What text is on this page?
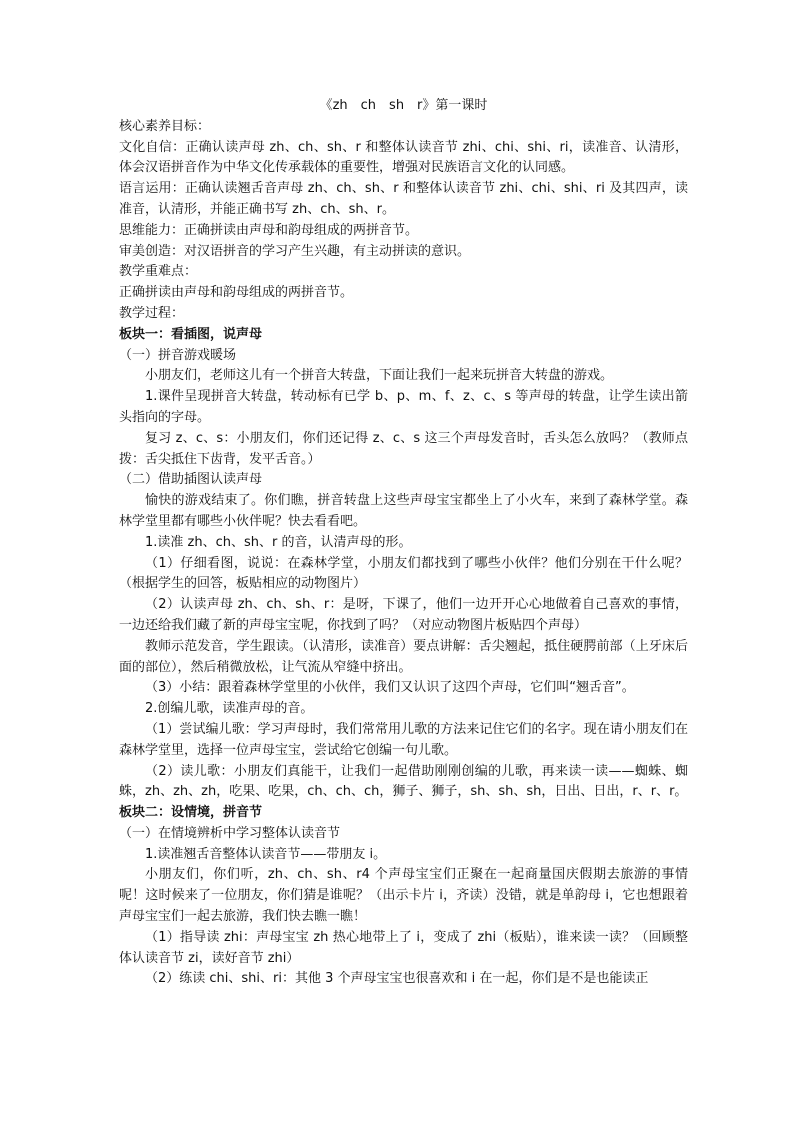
《zh　ch　sh　r》第一课时

核心素养目标：

文化自信：正确认读声母 zh、ch、sh、r 和整体认读音节 zhi、chi、shi、ri，读准音、认清形，体会汉语拼音作为中华文化传承载体的重要性，增强对民族语言文化的认同感。

语言运用：正确认读翘舌音声母 zh、ch、sh、r 和整体认读音节 zhi、chi、shi、ri 及其四声，读准音，认清形，并能正确书写 zh、ch、sh、r。

思维能力：正确拼读由声母和韵母组成的两拼音节。

审美创造：对汉语拼音的学习产生兴趣，有主动拼读的意识。

教学重难点：

正确拼读由声母和韵母组成的两拼音节。

教学过程：

板块一：看插图，说声母

（一）拼音游戏暖场

小朋友们，老师这儿有一个拼音大转盘，下面让我们一起来玩拼音大转盘的游戏。

1.课件呈现拼音大转盘，转动标有已学 b、p、m、f、z、c、s 等声母的转盘，让学生读出箭头指向的字母。

复习 z、c、s：小朋友们，你们还记得 z、c、s 这三个声母发音时，舌头怎么放吗？（教师点拨：舌尖抵住下齿背，发平舌音。）

（二）借助插图认读声母

愉快的游戏结束了。你们瞧，拼音转盘上这些声母宝宝都坐上了小火车，来到了森林学堂。森林学堂里都有哪些小伙伴呢？快去看看吧。

1.读准 zh、ch、sh、r 的音，认清声母的形。

（1）仔细看图，说说：在森林学堂，小朋友们都找到了哪些小伙伴？他们分别在干什么呢？（根据学生的回答，板贴相应的动物图片）

（2）认读声母 zh、ch、sh、r：是呀，下课了，他们一边开开心心地做着自己喜欢的事情，一边还给我们藏了新的声母宝宝呢，你找到了吗？（对应动物图片板贴四个声母）

教师示范发音，学生跟读。（认清形，读准音）要点讲解：舌尖翘起，抵住硬腭前部（上牙床后面的部位），然后稍微放松，让气流从窄缝中挤出。

（3）小结：跟着森林学堂里的小伙伴，我们又认识了这四个声母，它们叫“翘舌音”。

2.创编儿歌，读准声母的音。

（1）尝试编儿歌：学习声母时，我们常常用儿歌的方法来记住它们的名字。现在请小朋友们在森林学堂里，选择一位声母宝宝，尝试给它创编一句儿歌。

（2）读儿歌：小朋友们真能干，让我们一起借助刚刚创编的儿歌，再来读一读——蜘蛛、蜘蛛，zh、zh、zh，吃果、吃果，ch、ch、ch，狮子、狮子，sh、sh、sh，日出、日出，r、r、r。

板块二：设情境，拼音节

（一）在情境辨析中学习整体认读音节

1.读准翘舌音整体认读音节——带朋友 i。

小朋友们，你们听，zh、ch、sh、r4 个声母宝宝们正聚在一起商量国庆假期去旅游的事情呢！这时候来了一位朋友，你们猜是谁呢？（出示卡片 i，齐读）没错，就是单韵母 i，它也想跟着声母宝宝们一起去旅游，我们快去瞧一瞧！

（1）指导读 zhi：声母宝宝 zh 热心地带上了 i，变成了 zhi（板贴），谁来读一读？（回顾整体认读音节 zi，读好音节 zhi）

（2）练读 chi、shi、ri：其他 3 个声母宝宝也很喜欢和 i 在一起，你们是不是也能读正
